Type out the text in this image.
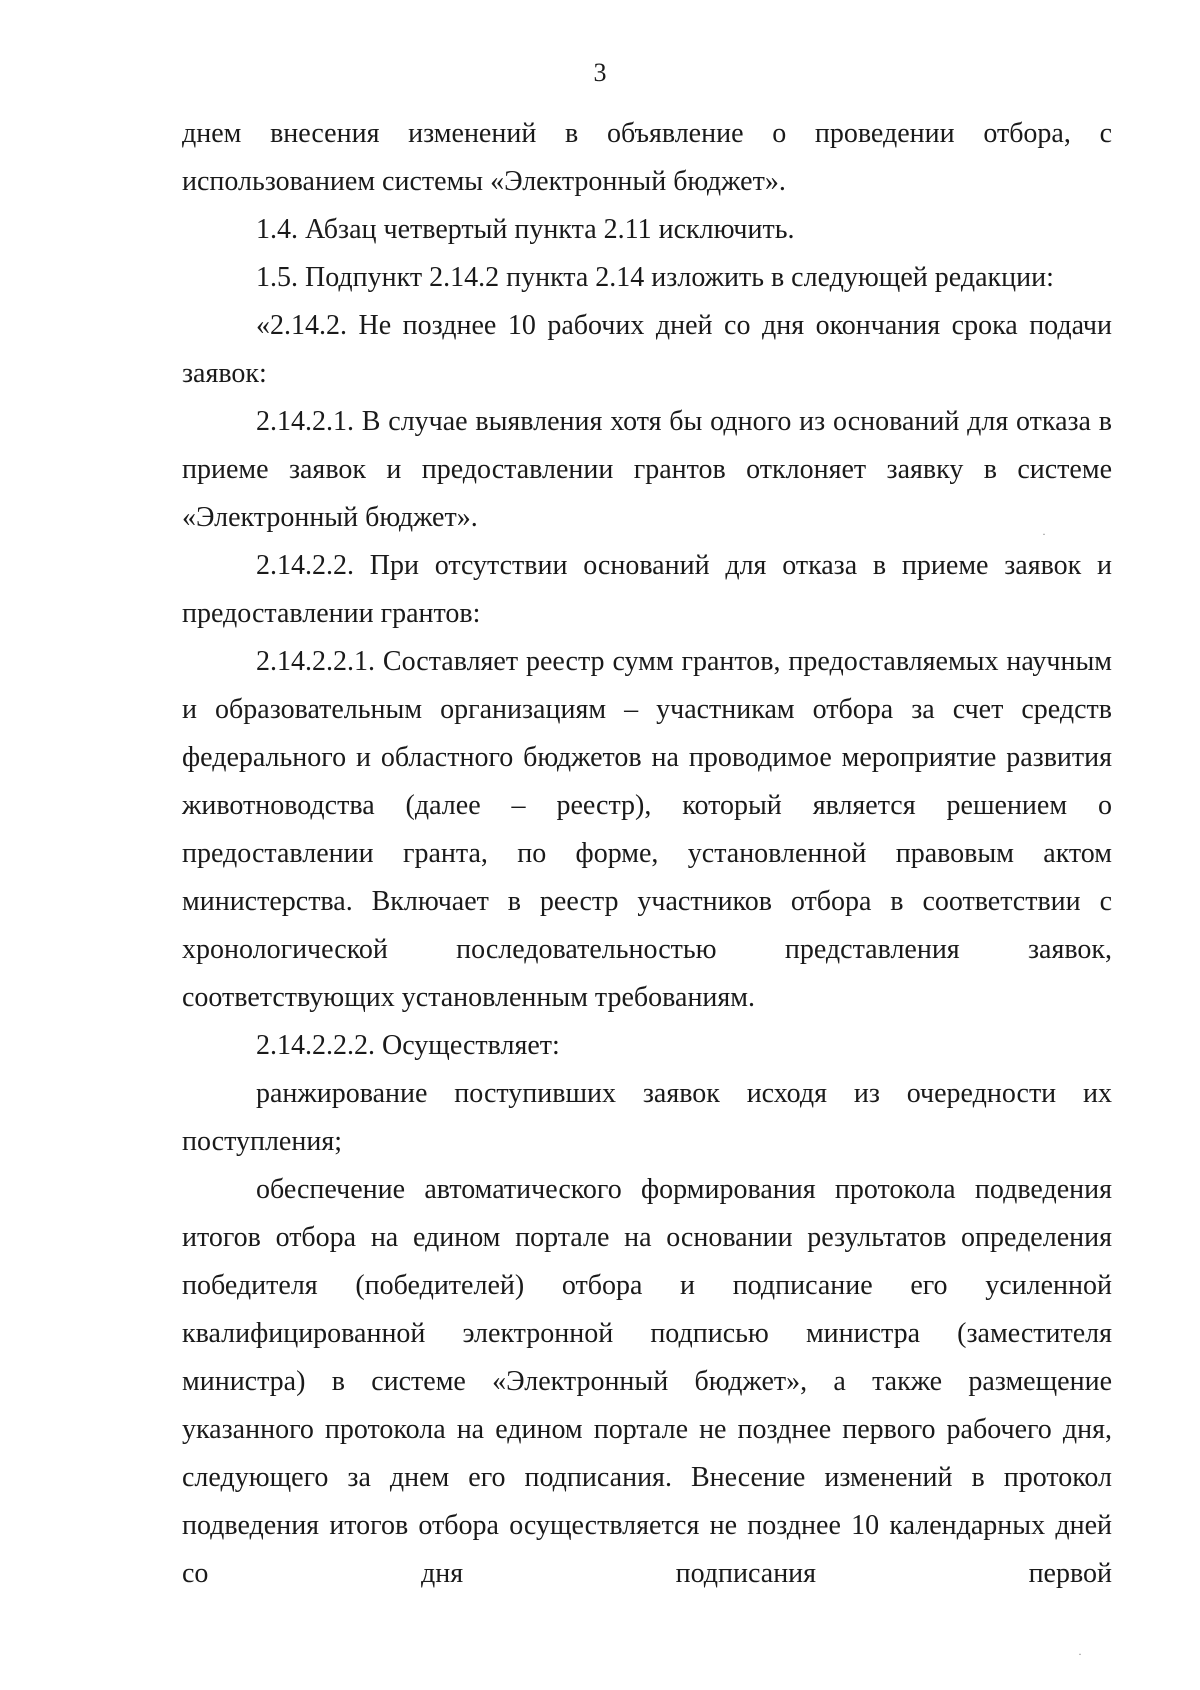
3

днем внесения изменений в объявление о проведении отбора, с использованием системы «Электронный бюджет».

1.4. Абзац четвертый пункта 2.11 исключить.

1.5. Подпункт 2.14.2 пункта 2.14 изложить в следующей редакции:

«2.14.2. Не позднее 10 рабочих дней со дня окончания срока подачи заявок:

2.14.2.1. В случае выявления хотя бы одного из оснований для отказа в приеме заявок и предоставлении грантов отклоняет заявку в системе «Электронный бюджет».

2.14.2.2. При отсутствии оснований для отказа в приеме заявок и предоставлении грантов:

2.14.2.2.1. Составляет реестр сумм грантов, предоставляемых научным и образовательным организациям – участникам отбора за счет средств федерального и областного бюджетов на проводимое мероприятие развития животноводства (далее – реестр), который является решением о предоставлении гранта, по форме, установленной правовым актом министерства. Включает в реестр участников отбора в соответствии с хронологической последовательностью представления заявок, соответствующих установленным требованиям.

2.14.2.2.2. Осуществляет:

ранжирование поступивших заявок исходя из очередности их поступления;

обеспечение автоматического формирования протокола подведения итогов отбора на едином портале на основании результатов определения победителя (победителей) отбора и подписание его усиленной квалифицированной электронной подписью министра (заместителя министра) в системе «Электронный бюджет», а также размещение указанного протокола на едином портале не позднее первого рабочего дня, следующего за днем его подписания. Внесение изменений в протокол подведения итогов отбора осуществляется не позднее 10 календарных дней со дня подписания первой

·
·
